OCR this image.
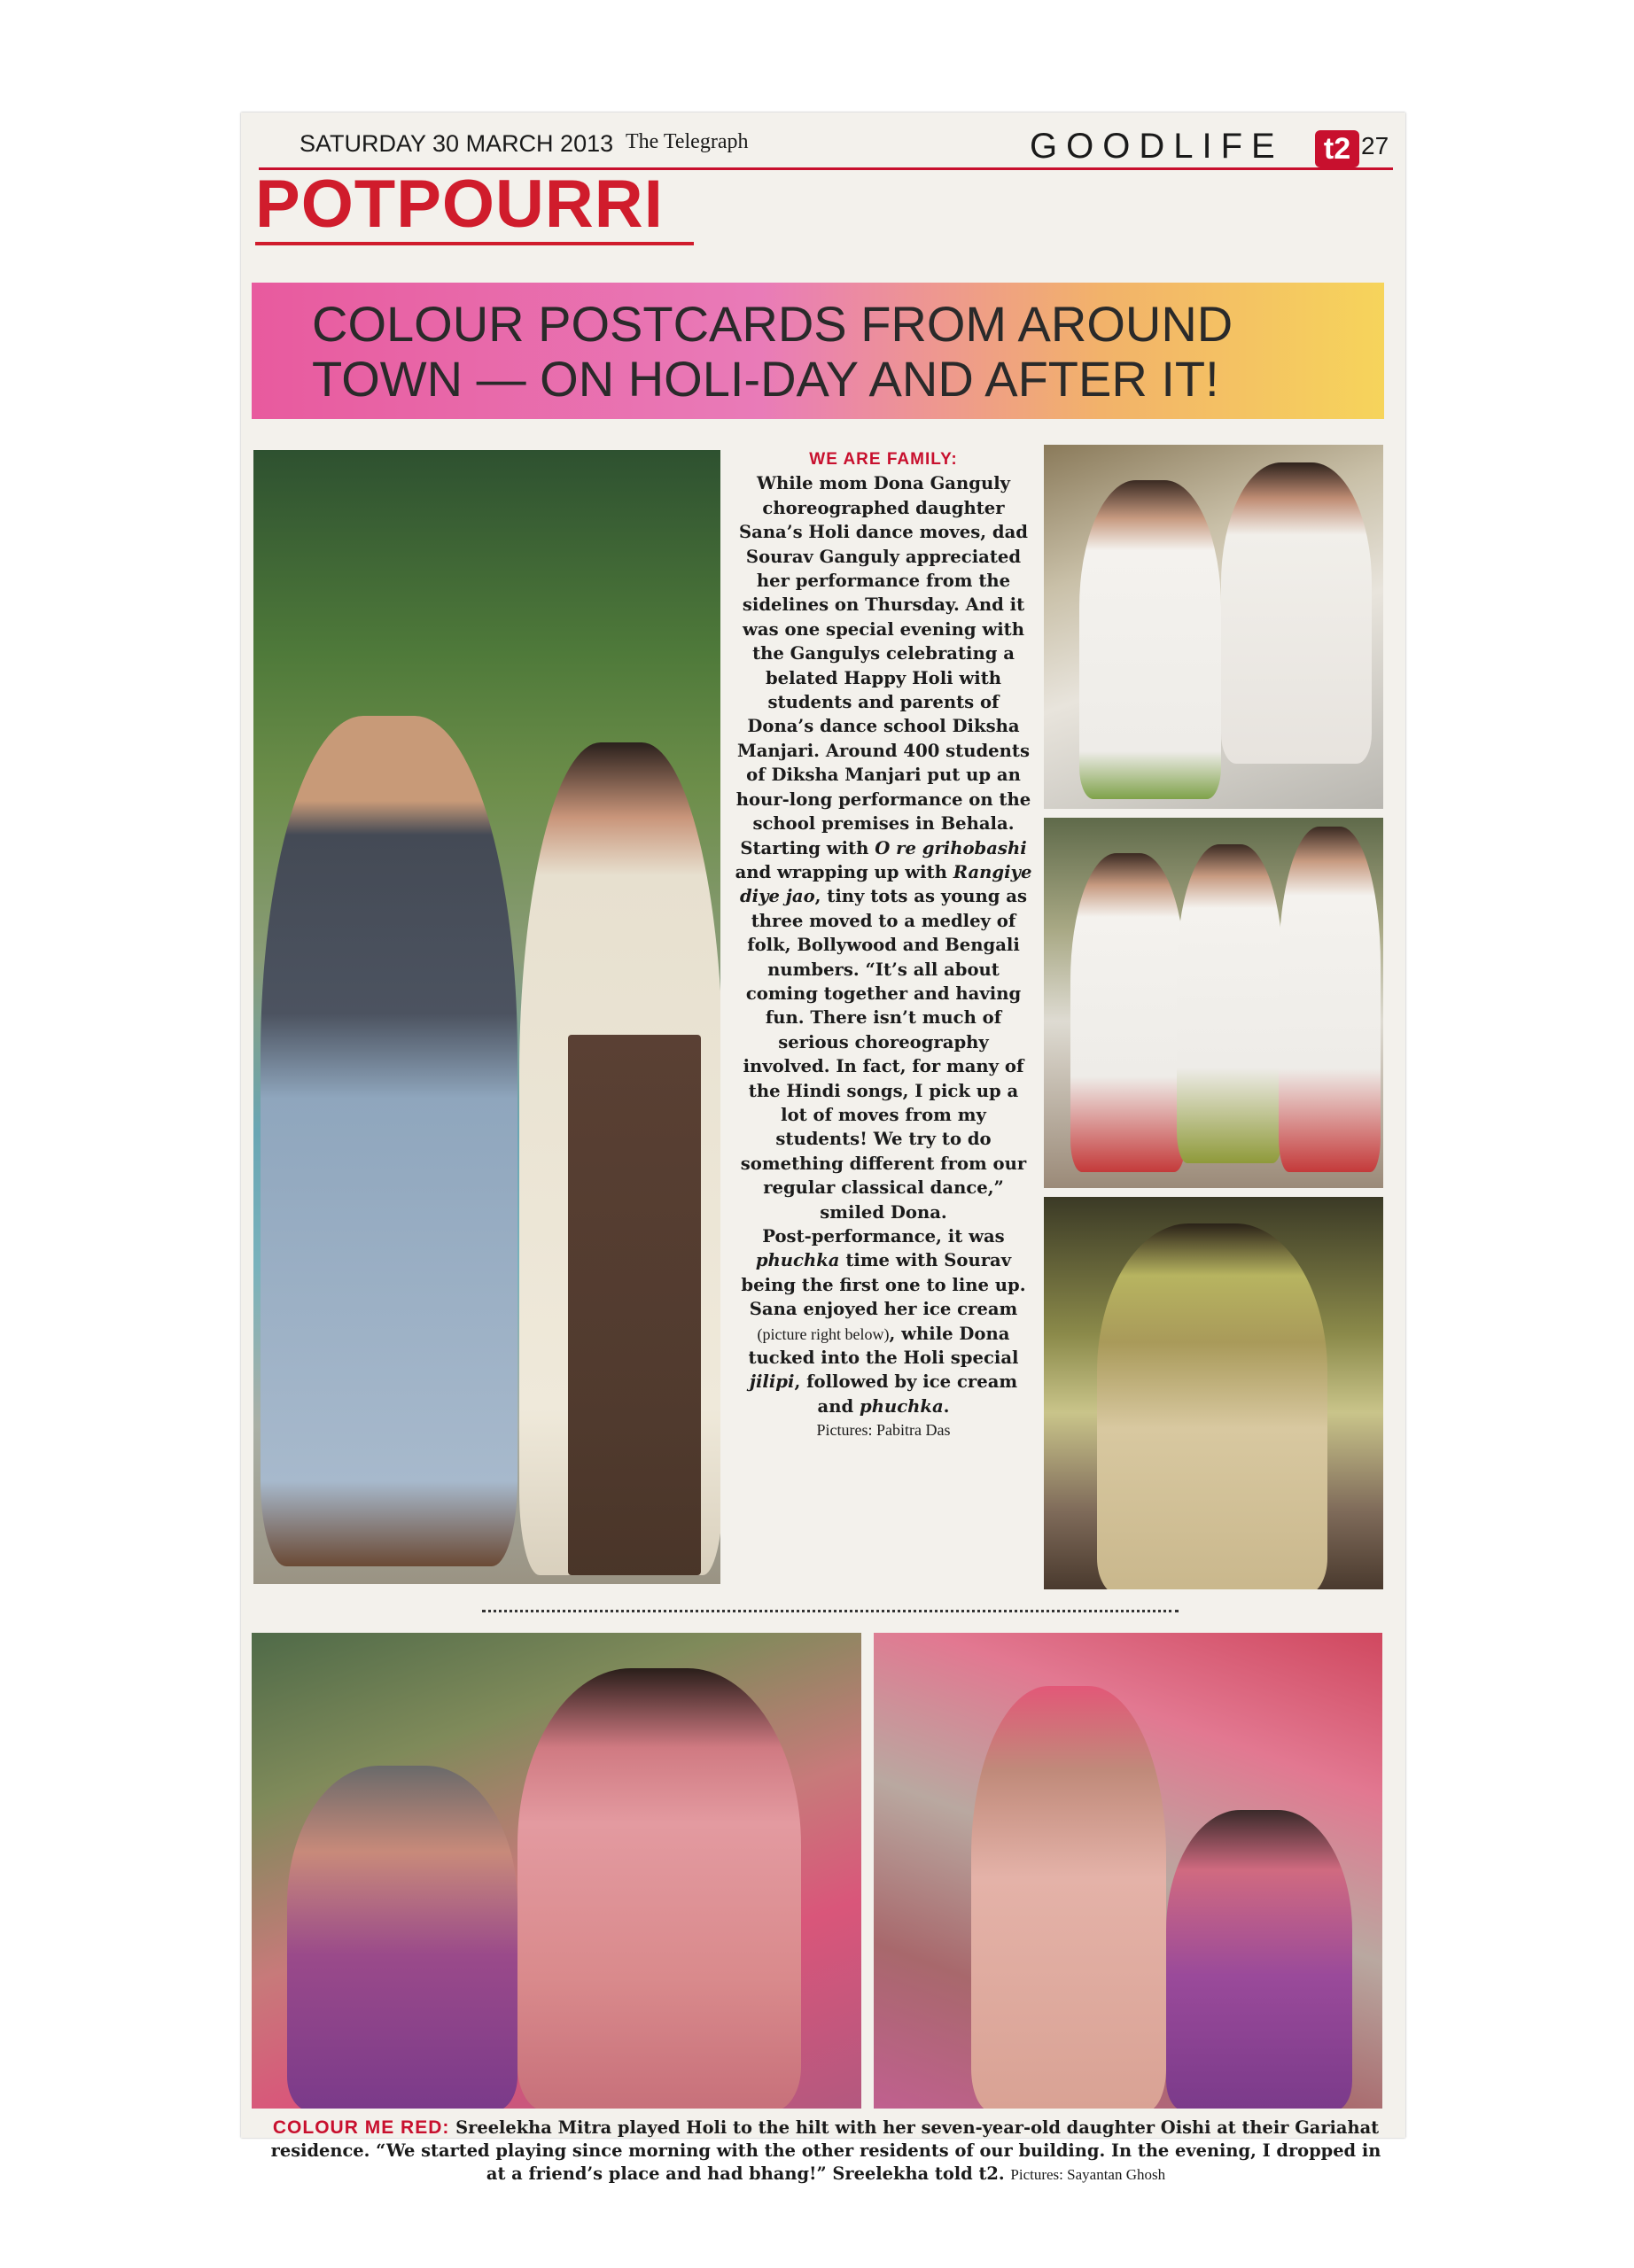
SATURDAY 30 MARCH 2013 The Telegraph	GOODLIFE t2 27
POTPOURRI
COLOUR POSTCARDS FROM AROUND
TOWN — ON HOLI-DAY AND AFTER IT!
WE ARE FAMILY:
While mom Dona Ganguly choreographed daughter Sana’s Holi dance moves, dad Sourav Ganguly appreciated her performance from the sidelines on Thursday. And it was one special evening with the Gangulys celebrating a belated Happy Holi with students and parents of Dona’s dance school Diksha Manjari. Around 400 students of Diksha Manjari put up an hour-long performance on the school premises in Behala. Starting with O re grihobashi and wrapping up with Rangiye diye jao, tiny tots as young as three moved to a medley of folk, Bollywood and Bengali numbers. “It’s all about coming together and having fun. There isn’t much of serious choreography involved. In fact, for many of the Hindi songs, I pick up a lot of moves from my students! We try to do something different from our regular classical dance,” smiled Dona.
Post-performance, it was phuchka time with Sourav being the first one to line up. Sana enjoyed her ice cream (picture right below), while Dona tucked into the Holi special jilipi, followed by ice cream and phuchka.
Pictures: Pabitra Das
COLOUR ME RED: Sreelekha Mitra played Holi to the hilt with her seven-year-old daughter Oishi at their Gariahat residence. “We started playing since morning with the other residents of our building. In the evening, I dropped in at a friend’s place and had bhang!” Sreelekha told t2. Pictures: Sayantan Ghosh
